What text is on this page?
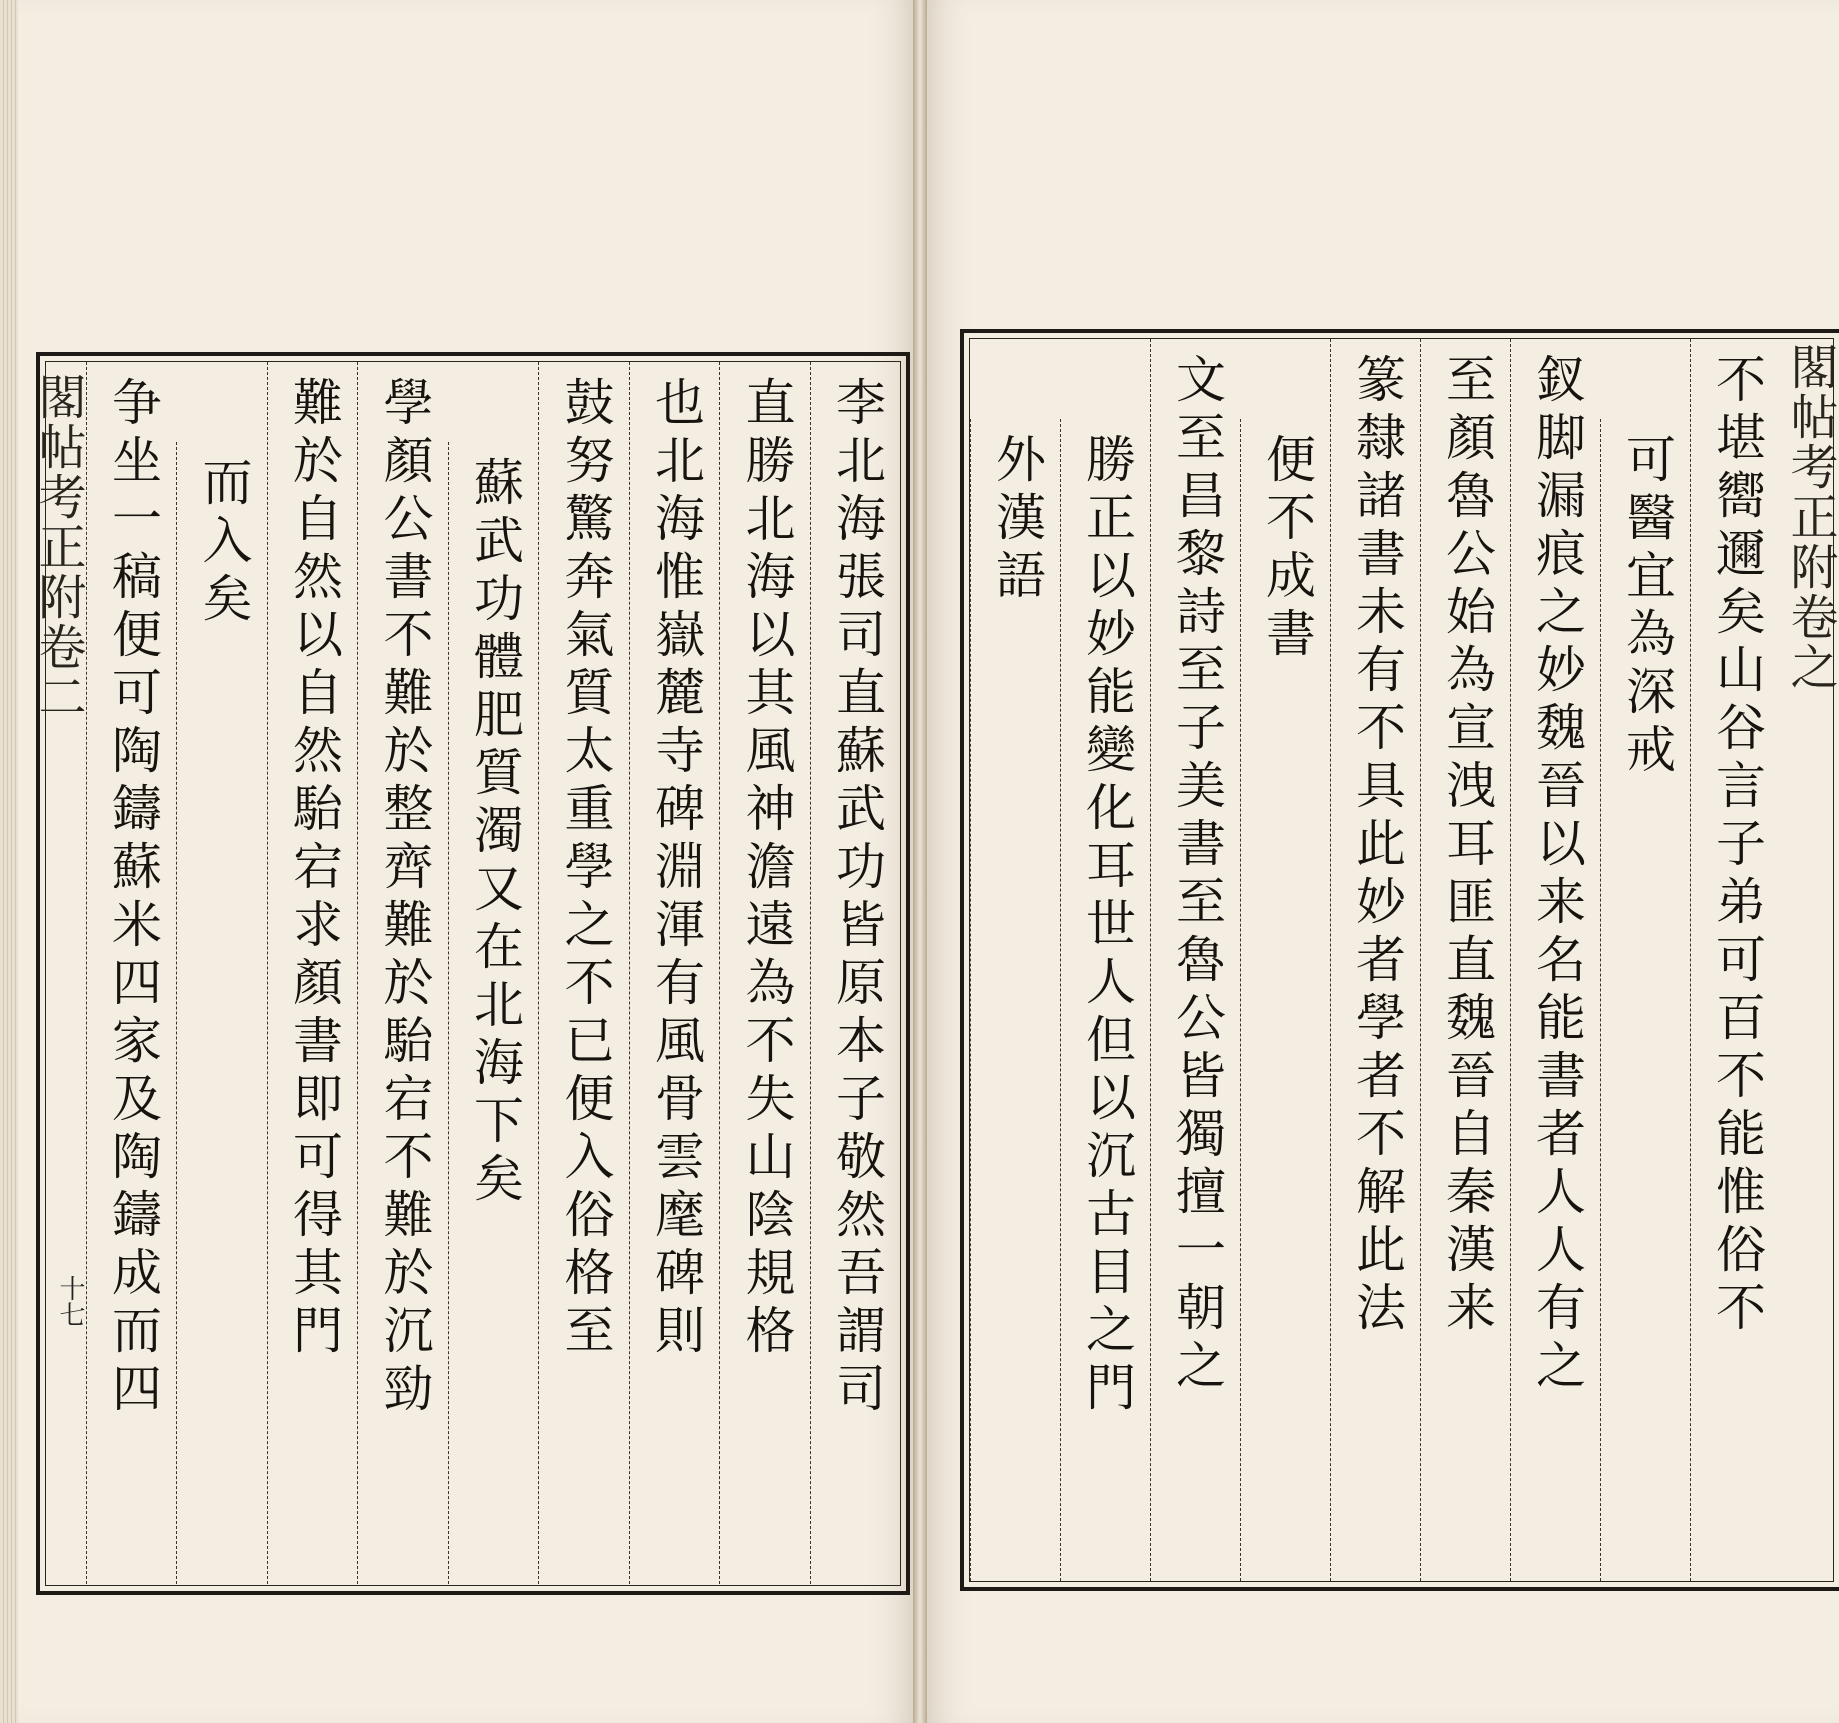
閣帖考正附卷二
十七	李北海張司直蘇武功皆原本子敬然吾謂司
直勝北海以其風神澹遠為不失山陰規格
也北海惟嶽麓寺碑淵渾有風骨雲麾碑則
鼓努驚奔氣質太重學之不已便入俗格至
蘇武功體肥質濁又在北海下矣
學顏公書不難於整齊難於駘宕不難於沉勁
難於自然以自然駘宕求顏書即可得其門
而入矣
争坐一稿便可陶鑄蘇米四家及陶鑄成而四	閣帖考正附卷之
不堪嚮邇矣山谷言子弟可百不能惟俗不
可醫宜為深戒
釵脚漏痕之妙魏晉以来名能書者人人有之
至顏魯公始為宣洩耳匪直魏晉自秦漢来
篆隸諸書未有不具此妙者學者不解此法
便不成書
文至昌黎詩至子美書至魯公皆獨擅一朝之
勝正以妙能變化耳世人但以沉古目之門
外漢語
